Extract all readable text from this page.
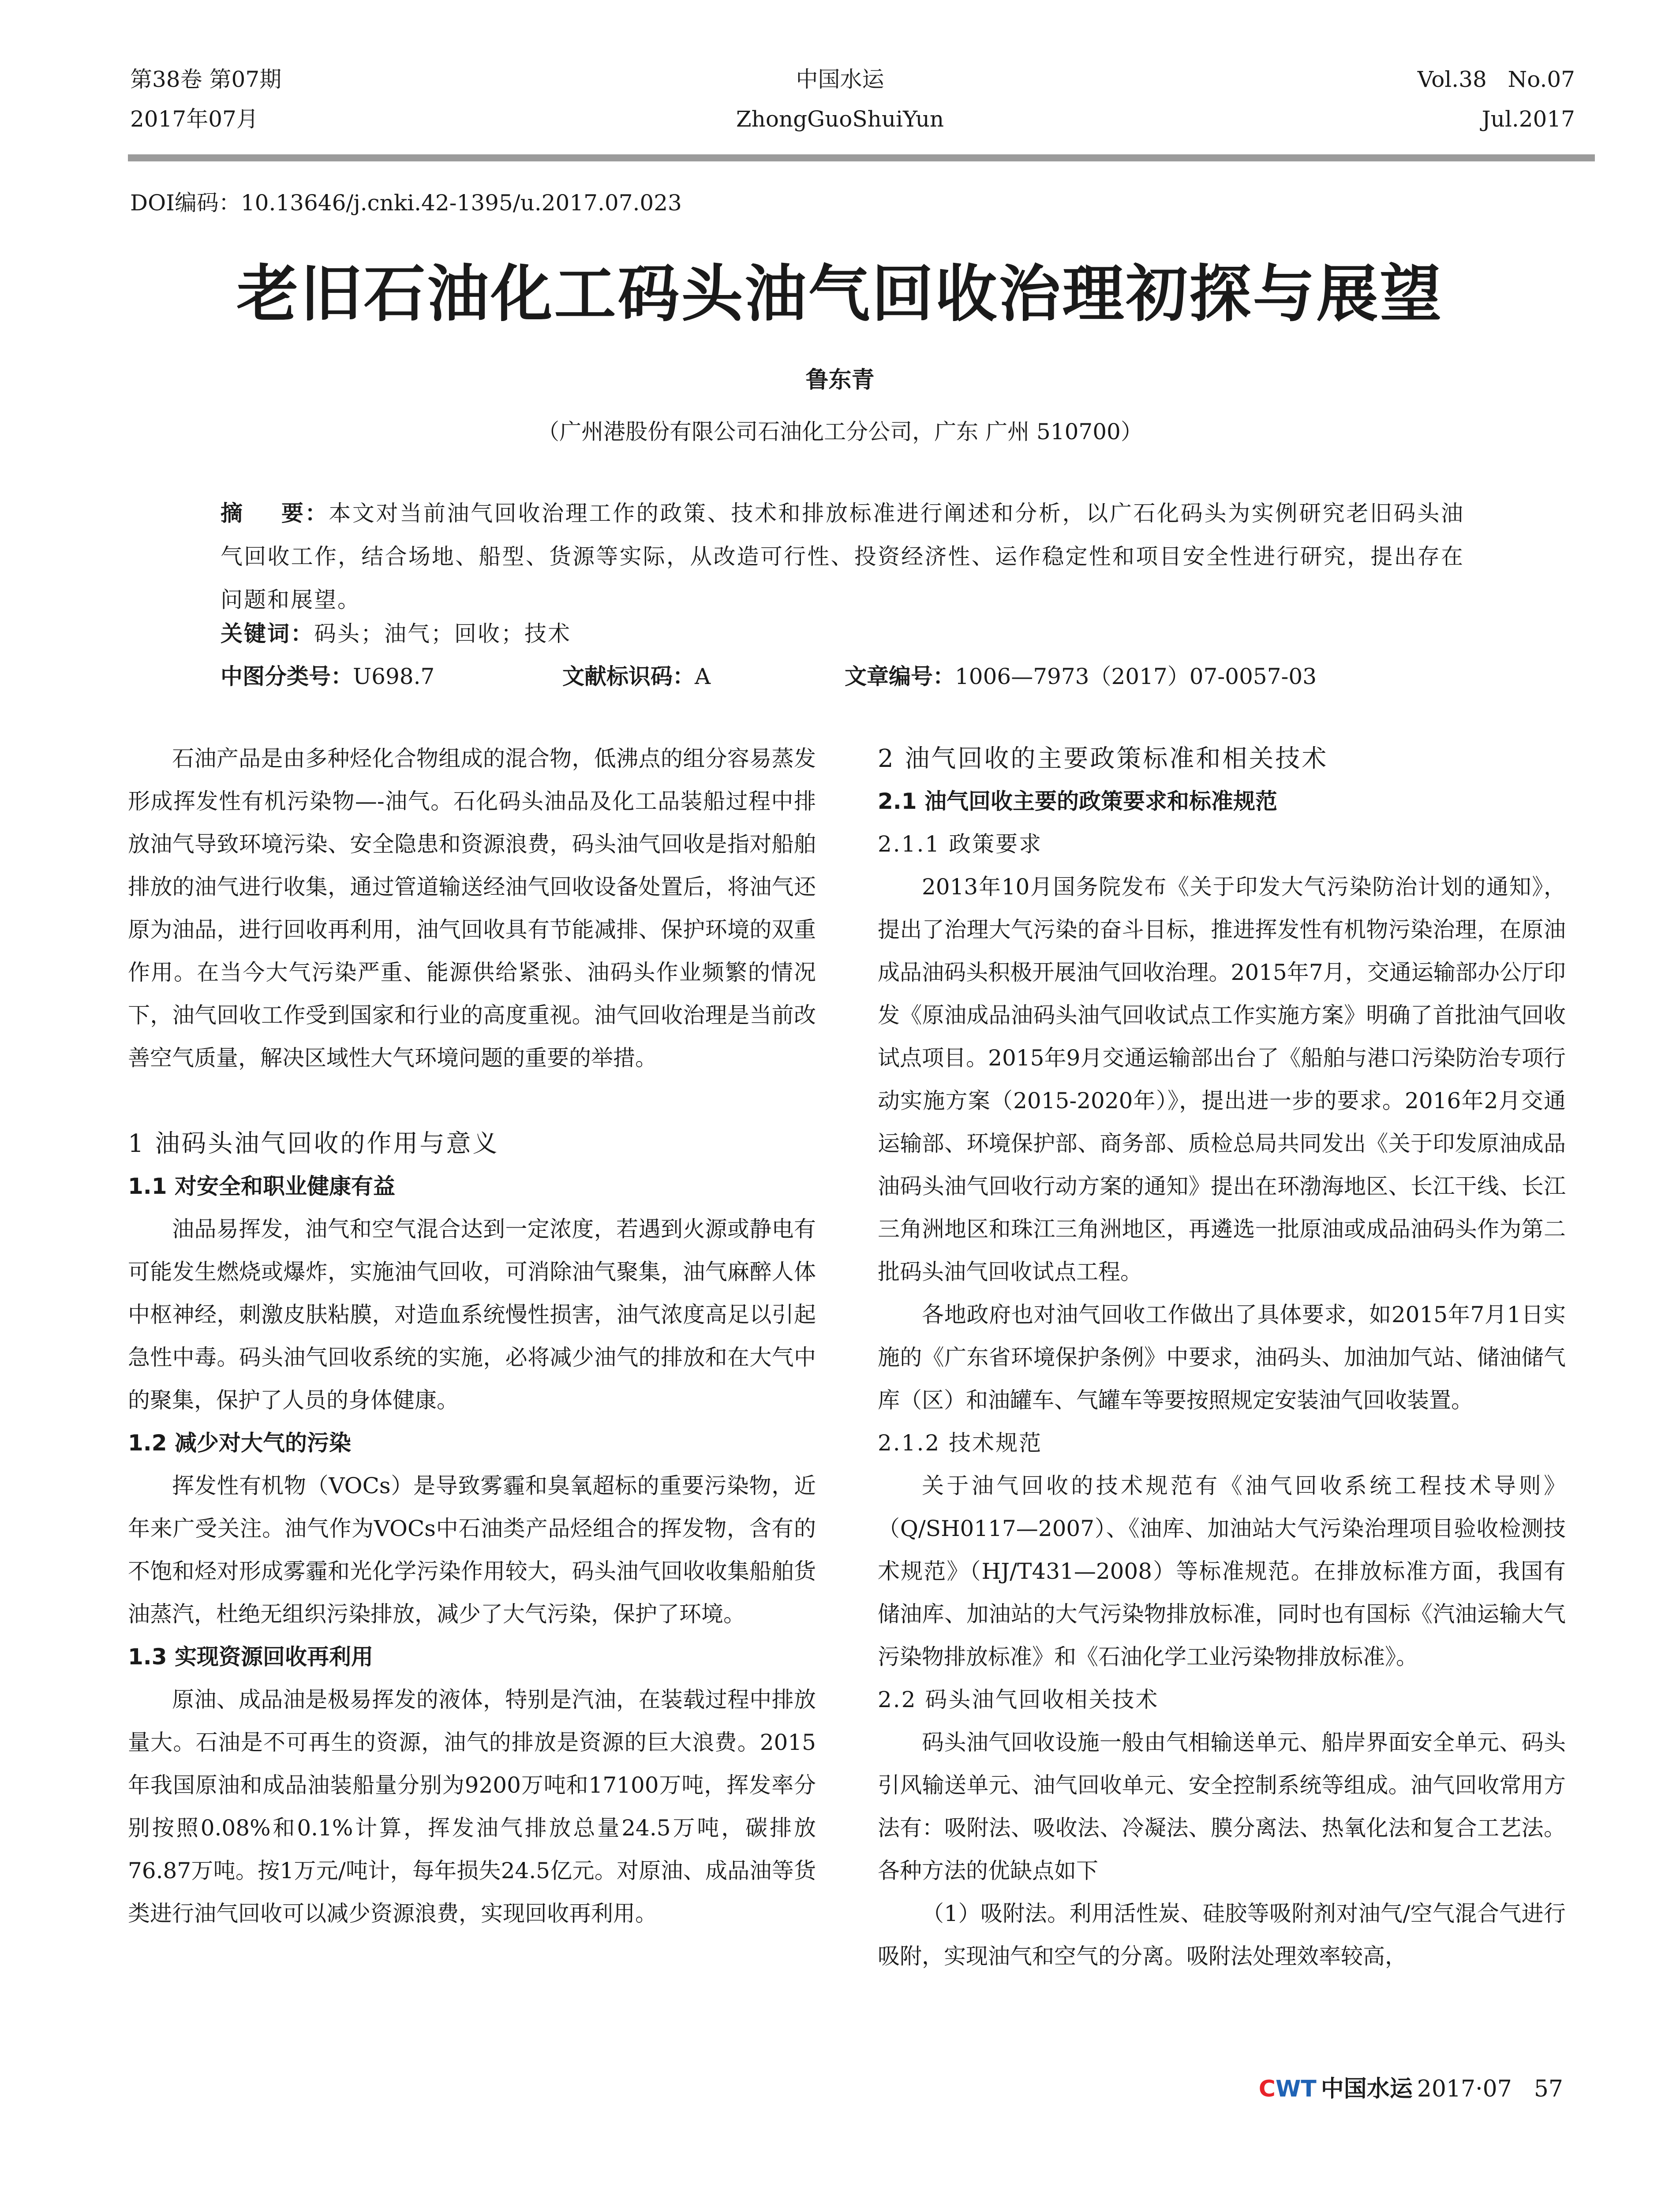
第38卷 第07期
2017年07月
中国水运
ZhongGuoShuiYun
Vol.38   No.07
Jul.2017
DOI编码：10.13646/j.cnki.42-1395/u.2017.07.023
老旧石油化工码头油气回收治理初探与展望
鲁东青
（广州港股份有限公司石油化工分公司，广东 广州 510700）
摘    要：本文对当前油气回收治理工作的政策、技术和排放标准进行阐述和分析，以广石化码头为实例研究老旧码头油气回收工作，结合场地、船型、货源等实际，从改造可行性、投资经济性、运作稳定性和项目安全性进行研究，提出存在问题和展望。
关键词：码头；油气；回收；技术
中图分类号：U698.7	文献标识码：A	文章编号：1006—7973（2017）07-0057-03

石油产品是由多种烃化合物组成的混合物，低沸点的组分容易蒸发形成挥发性有机污染物—-油气。石化码头油品及化工品装船过程中排放油气导致环境污染、安全隐患和资源浪费，码头油气回收是指对船舶排放的油气进行收集，通过管道输送经油气回收设备处置后，将油气还原为油品，进行回收再利用，油气回收具有节能减排、保护环境的双重作用。在当今大气污染严重、能源供给紧张、油码头作业频繁的情况下，油气回收工作受到国家和行业的高度重视。油气回收治理是当前改善空气质量，解决区域性大气环境问题的重要的举措。

1 油码头油气回收的作用与意义
1.1 对安全和职业健康有益

油品易挥发，油气和空气混合达到一定浓度，若遇到火源或静电有可能发生燃烧或爆炸，实施油气回收，可消除油气聚集，油气麻醉人体中枢神经，刺激皮肤粘膜，对造血系统慢性损害，油气浓度高足以引起急性中毒。码头油气回收系统的实施，必将减少油气的排放和在大气中的聚集，保护了人员的身体健康。

1.2 减少对大气的污染

挥发性有机物（VOCs）是导致雾霾和臭氧超标的重要污染物，近年来广受关注。油气作为VOCs中石油类产品烃组合的挥发物，含有的不饱和烃对形成雾霾和光化学污染作用较大，码头油气回收收集船舶货油蒸汽，杜绝无组织污染排放，减少了大气污染，保护了环境。

1.3 实现资源回收再利用

原油、成品油是极易挥发的液体，特别是汽油，在装载过程中排放量大。石油是不可再生的资源，油气的排放是资源的巨大浪费。2015年我国原油和成品油装船量分别为9200万吨和17100万吨，挥发率分别按照0.08%和0.1%计算，挥发油气排放总量24.5万吨，碳排放76.87万吨。按1万元/吨计，每年损失24.5亿元。对原油、成品油等货类进行油气回收可以减少资源浪费，实现回收再利用。

2 油气回收的主要政策标准和相关技术
2.1 油气回收主要的政策要求和标准规范
2.1.1 政策要求

2013年10月国务院发布《关于印发大气污染防治计划的通知》，提出了治理大气污染的奋斗目标，推进挥发性有机物污染治理，在原油成品油码头积极开展油气回收治理。2015年7月，交通运输部办公厅印发《原油成品油码头油气回收试点工作实施方案》明确了首批油气回收试点项目。2015年9月交通运输部出台了《船舶与港口污染防治专项行动实施方案（2015-2020年）》，提出进一步的要求。2016年2月交通运输部、环境保护部、商务部、质检总局共同发出《关于印发原油成品油码头油气回收行动方案的通知》提出在环渤海地区、长江干线、长江三角洲地区和珠江三角洲地区，再遴选一批原油或成品油码头作为第二批码头油气回收试点工程。

各地政府也对油气回收工作做出了具体要求，如2015年7月1日实施的《广东省环境保护条例》中要求，油码头、加油加气站、储油储气库（区）和油罐车、气罐车等要按照规定安装油气回收装置。

2.1.2 技术规范

关于油气回收的技术规范有《油气回收系统工程技术导则》（Q/SH0117—2007）、《油库、加油站大气污染治理项目验收检测技术规范》（HJ/T431—2008）等标准规范。在排放标准方面，我国有储油库、加油站的大气污染物排放标准，同时也有国标《汽油运输大气污染物排放标准》和《石油化学工业污染物排放标准》。

2.2 码头油气回收相关技术

码头油气回收设施一般由气相输送单元、船岸界面安全单元、码头引风输送单元、油气回收单元、安全控制系统等组成。油气回收常用方法有：吸附法、吸收法、冷凝法、膜分离法、热氧化法和复合工艺法。各种方法的优缺点如下

（1）吸附法。利用活性炭、硅胶等吸附剂对油气/空气混合气进行吸附，实现油气和空气的分离。吸附法处理效率较高，

CWT 中国水运 2017·07 57
